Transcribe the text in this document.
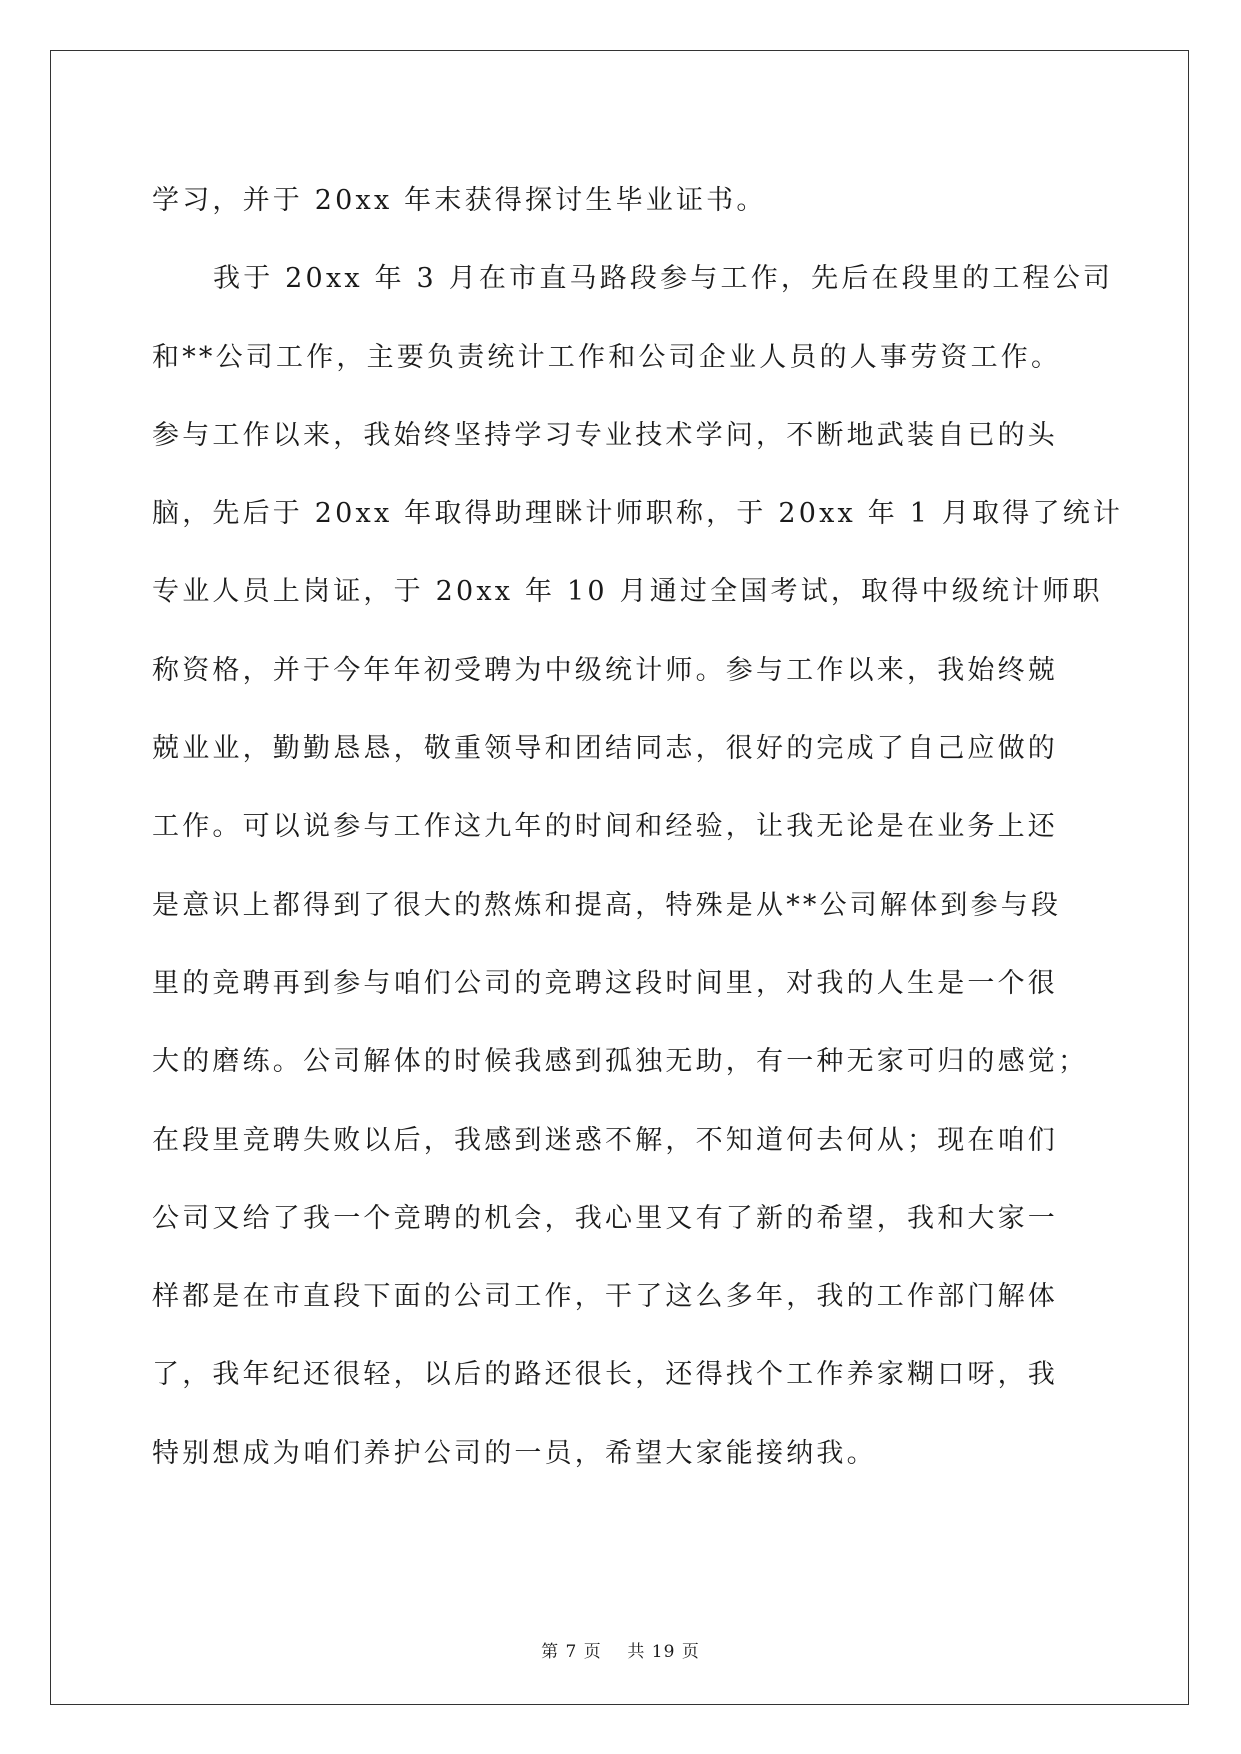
学习，并于 20xx 年末获得探讨生毕业证书。
我于 20xx 年 3 月在市直马路段参与工作，先后在段里的工程公司
和**公司工作，主要负责统计工作和公司企业人员的人事劳资工作。
参与工作以来，我始终坚持学习专业技术学问，不断地武装自已的头
脑，先后于 20xx 年取得助理眯计师职称，于 20xx 年 1 月取得了统计
专业人员上岗证，于 20xx 年 10 月通过全国考试，取得中级统计师职
称资格，并于今年年初受聘为中级统计师。参与工作以来，我始终兢
兢业业，勤勤恳恳，敬重领导和团结同志，很好的完成了自己应做的
工作。可以说参与工作这九年的时间和经验，让我无论是在业务上还
是意识上都得到了很大的熬炼和提高，特殊是从**公司解体到参与段
里的竞聘再到参与咱们公司的竞聘这段时间里，对我的人生是一个很
大的磨练。公司解体的时候我感到孤独无助，有一种无家可归的感觉；
在段里竞聘失败以后，我感到迷惑不解，不知道何去何从；现在咱们
公司又给了我一个竞聘的机会，我心里又有了新的希望，我和大家一
样都是在市直段下面的公司工作，干了这么多年，我的工作部门解体
了，我年纪还很轻，以后的路还很长，还得找个工作养家糊口呀，我
特别想成为咱们养护公司的一员，希望大家能接纳我。
第 7 页    共 19 页
